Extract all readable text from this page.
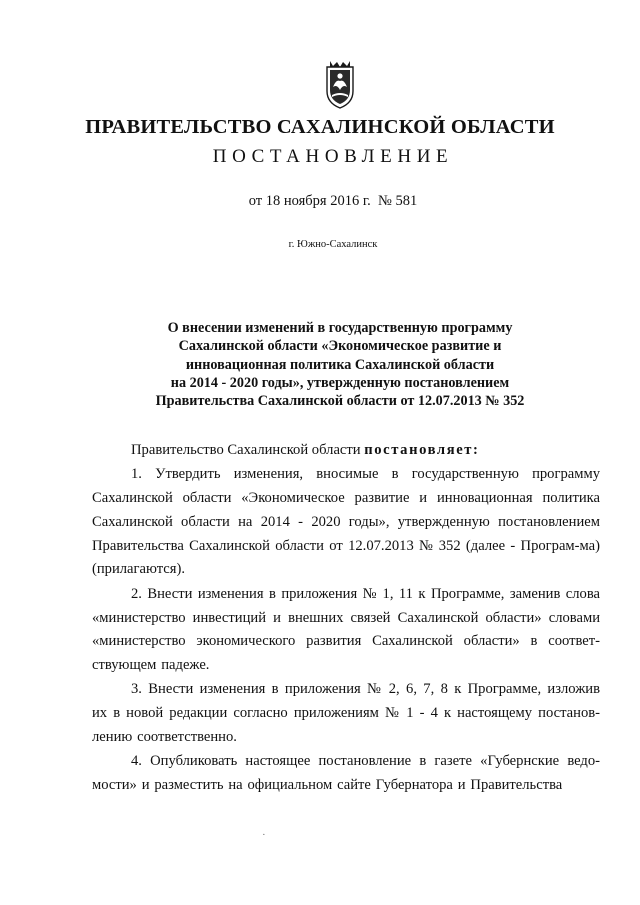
ПРАВИТЕЛЬСТВО САХАЛИНСКОЙ ОБЛАСТИ
ПОСТАНОВЛЕНИЕ
от 18 ноября 2016 г. № 581
г. Южно-Сахалинск
О внесении изменений в государственную программу
Сахалинской области «Экономическое развитие и
инновационная политика Сахалинской области
на 2014 - 2020 годы», утвержденную постановлением
Правительства Сахалинской области от 12.07.2013 № 352

Правительство Сахалинской области постановляет:

1. Утвердить изменения, вносимые в государственную программу Сахалинской области «Экономическое развитие и инновационная политика Сахалинской области на 2014 - 2020 годы», утвержденную постановлением Правительства Сахалинской области от 12.07.2013 № 352 (далее - Програм-ма) (прилагаются).

2. Внести изменения в приложения № 1, 11 к Программе, заменив слова «министерство инвестиций и внешних связей Сахалинской области» словами «министерство экономического развития Сахалинской области» в соответ-ствующем падеже.

3. Внести изменения в приложения № 2, 6, 7, 8 к Программе, изложив их в новой редакции согласно приложениям № 1 - 4 к настоящему постанов-лению соответственно.

4. Опубликовать настоящее постановление в газете «Губернские ведо-мости» и разместить на официальном сайте Губернатора и Правительства

·
